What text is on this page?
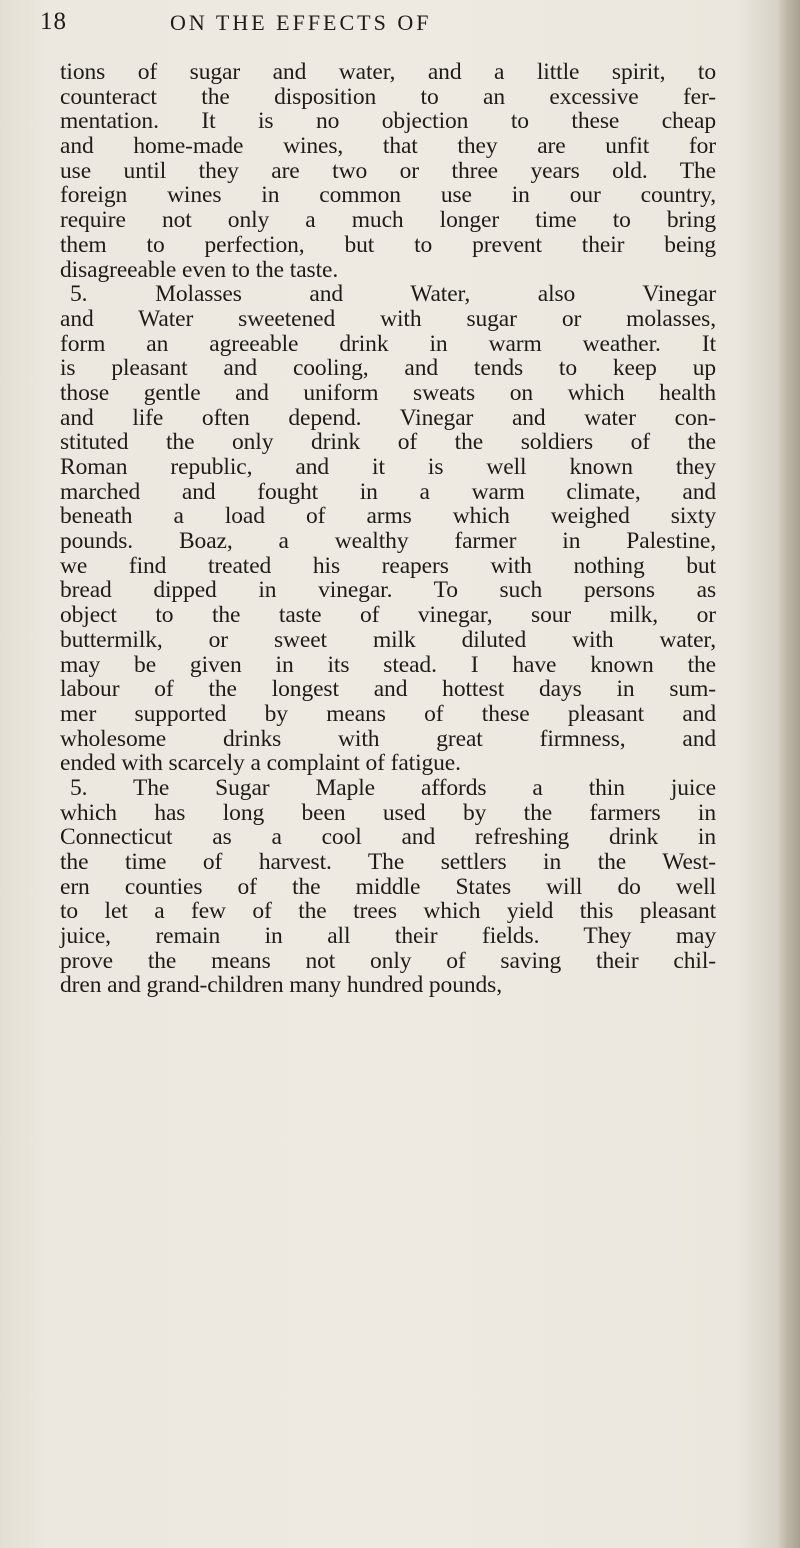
18	ON THE EFFECTS OF
tions of sugar and water, and a little spirit, to
counteract the disposition to an excessive fer-
mentation. It is no objection to these cheap
and home-made wines, that they are unfit for
use until they are two or three years old. The
foreign wines in common use in our country,
require not only a much longer time to bring
them to perfection, but to prevent their being
disagreeable even to the taste.
5. Molasses and Water, also Vinegar
and Water sweetened with sugar or molasses,
form an agreeable drink in warm weather. It
is pleasant and cooling, and tends to keep up
those gentle and uniform sweats on which health
and life often depend. Vinegar and water con-
stituted the only drink of the soldiers of the
Roman republic, and it is well known they
marched and fought in a warm climate, and
beneath a load of arms which weighed sixty
pounds. Boaz, a wealthy farmer in Palestine,
we find treated his reapers with nothing but
bread dipped in vinegar. To such persons as
object to the taste of vinegar, sour milk, or
buttermilk, or sweet milk diluted with water,
may be given in its stead. I have known the
labour of the longest and hottest days in sum-
mer supported by means of these pleasant and
wholesome drinks with great firmness, and
ended with scarcely a complaint of fatigue.
5. The Sugar Maple affords a thin juice
which has long been used by the farmers in
Connecticut as a cool and refreshing drink in
the time of harvest. The settlers in the West-
ern counties of the middle States will do well
to let a few of the trees which yield this pleasant
juice, remain in all their fields. They may
prove the means not only of saving their chil-
dren and grand-children many hundred pounds,
